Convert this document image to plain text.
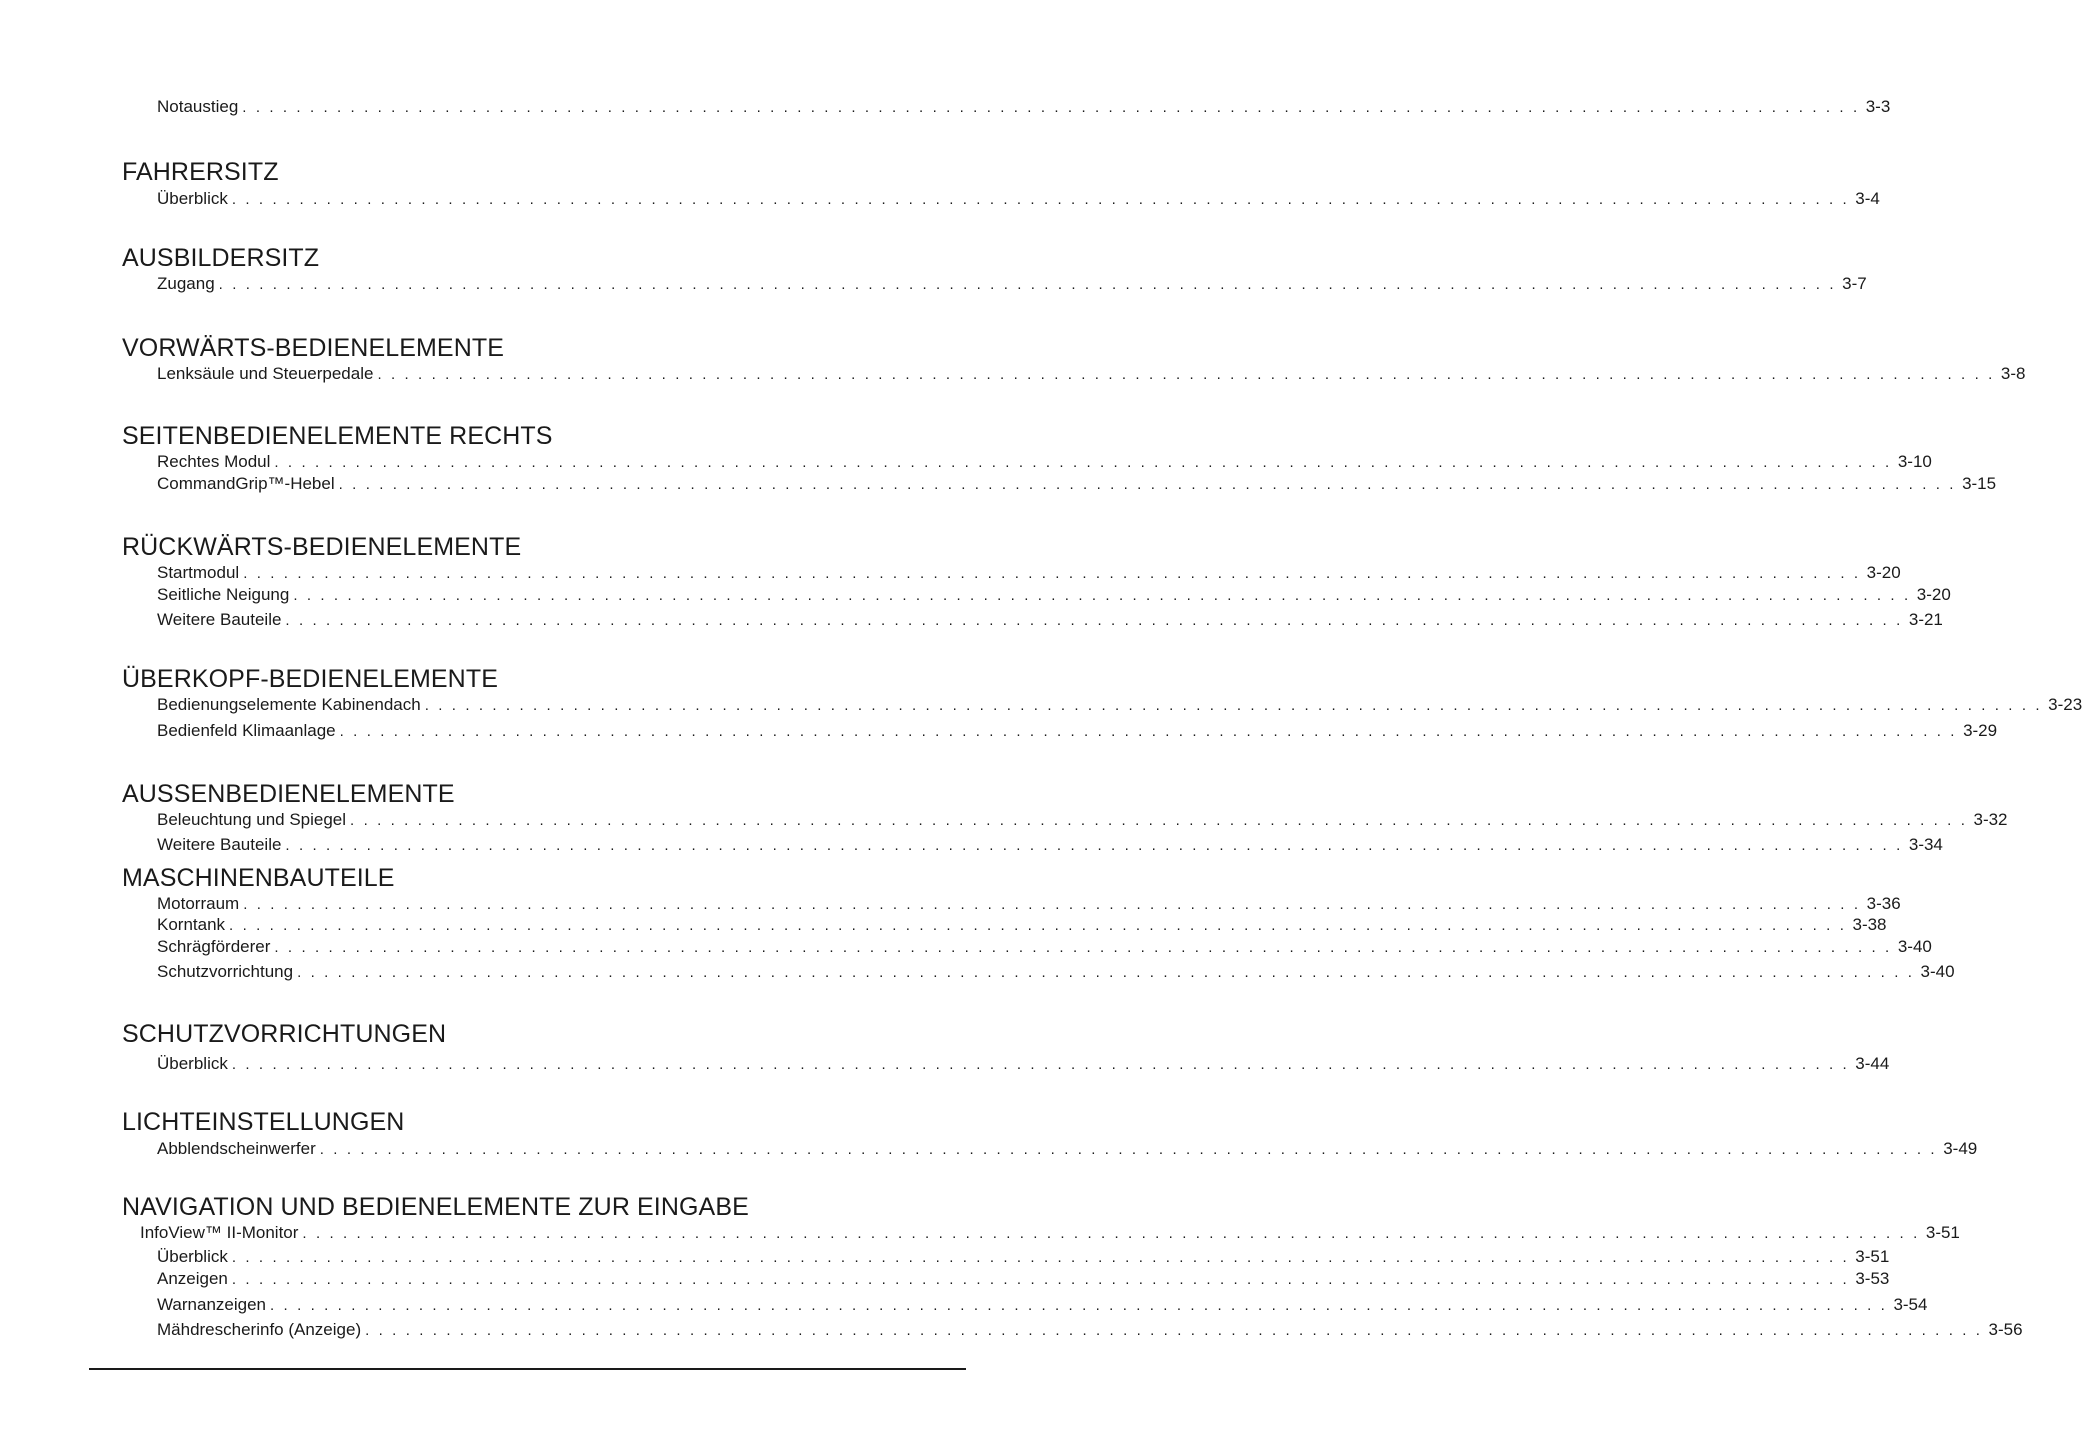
Notaustieg . . . . . . . . . . . . . . . . . . . . . . . . . . . . . . . . . . . . . . . . . . . . . . . . . . . . . . . . . . . . . . . . . . . . . . . . . . . . . . . . . . . . . . . . . . . . . . . . . . . . . . . . . . . . . . . . . . . . . . . . 3-3
FAHRERSITZ
Überblick . . . . . . . . . . . . . . . . . . . . . . . . . . . . . . . . . . . . . . . . . . . . . . . . . . . . . . . . . . . . . . . . . . . . . . . . . . . . . . . . . . . . . . . . . . . . . . . . . . . . . . . . . . . . . . . . . . . . . . . . 3-4
AUSBILDERSITZ
Zugang . . . . . . . . . . . . . . . . . . . . . . . . . . . . . . . . . . . . . . . . . . . . . . . . . . . . . . . . . . . . . . . . . . . . . . . . . . . . . . . . . . . . . . . . . . . . . . . . . . . . . . . . . . . . . . . . . . . . . . . . 3-7
VORWÄRTS-BEDIENELEMENTE
Lenksäule und Steuerpedale . . . . . . . . . . . . . . . . . . . . . . . . . . . . . . . . . . . . . . . . . . . . . . . . . . . . . . . . . . . . . . . . . . . . . . . . . . . . . . . . . . . . . . . . . . . . . . . . . . . . . . . . . . . . . . . . . . . . . . . . 3-8
SEITENBEDIENELEMENTE RECHTS
Rechtes Modul . . . . . . . . . . . . . . . . . . . . . . . . . . . . . . . . . . . . . . . . . . . . . . . . . . . . . . . . . . . . . . . . . . . . . . . . . . . . . . . . . . . . . . . . . . . . . . . . . . . . . . . . . . . . . . . . . . . . . . . . 3-10
CommandGrip™-Hebel . . . . . . . . . . . . . . . . . . . . . . . . . . . . . . . . . . . . . . . . . . . . . . . . . . . . . . . . . . . . . . . . . . . . . . . . . . . . . . . . . . . . . . . . . . . . . . . . . . . . . . . . . . . . . . . . . . . . . . . . 3-15
RÜCKWÄRTS-BEDIENELEMENTE
Startmodul . . . . . . . . . . . . . . . . . . . . . . . . . . . . . . . . . . . . . . . . . . . . . . . . . . . . . . . . . . . . . . . . . . . . . . . . . . . . . . . . . . . . . . . . . . . . . . . . . . . . . . . . . . . . . . . . . . . . . . . . 3-20
Seitliche Neigung . . . . . . . . . . . . . . . . . . . . . . . . . . . . . . . . . . . . . . . . . . . . . . . . . . . . . . . . . . . . . . . . . . . . . . . . . . . . . . . . . . . . . . . . . . . . . . . . . . . . . . . . . . . . . . . . . . . . . . . . 3-20
Weitere Bauteile . . . . . . . . . . . . . . . . . . . . . . . . . . . . . . . . . . . . . . . . . . . . . . . . . . . . . . . . . . . . . . . . . . . . . . . . . . . . . . . . . . . . . . . . . . . . . . . . . . . . . . . . . . . . . . . . . . . . . . . . 3-21
ÜBERKOPF-BEDIENELEMENTE
Bedienungselemente Kabinendach . . . . . . . . . . . . . . . . . . . . . . . . . . . . . . . . . . . . . . . . . . . . . . . . . . . . . . . . . . . . . . . . . . . . . . . . . . . . . . . . . . . . . . . . . . . . . . . . . . . . . . . . . . . . . . . . . . . . . . . . 3-23
Bedienfeld Klimaanlage . . . . . . . . . . . . . . . . . . . . . . . . . . . . . . . . . . . . . . . . . . . . . . . . . . . . . . . . . . . . . . . . . . . . . . . . . . . . . . . . . . . . . . . . . . . . . . . . . . . . . . . . . . . . . . . . . . . . . . . . 3-29
AUSSENBEDIENELEMENTE
Beleuchtung und Spiegel . . . . . . . . . . . . . . . . . . . . . . . . . . . . . . . . . . . . . . . . . . . . . . . . . . . . . . . . . . . . . . . . . . . . . . . . . . . . . . . . . . . . . . . . . . . . . . . . . . . . . . . . . . . . . . . . . . . . . . . . 3-32
Weitere Bauteile . . . . . . . . . . . . . . . . . . . . . . . . . . . . . . . . . . . . . . . . . . . . . . . . . . . . . . . . . . . . . . . . . . . . . . . . . . . . . . . . . . . . . . . . . . . . . . . . . . . . . . . . . . . . . . . . . . . . . . . . 3-34
MASCHINENBAUTEILE
Motorraum . . . . . . . . . . . . . . . . . . . . . . . . . . . . . . . . . . . . . . . . . . . . . . . . . . . . . . . . . . . . . . . . . . . . . . . . . . . . . . . . . . . . . . . . . . . . . . . . . . . . . . . . . . . . . . . . . . . . . . . . 3-36
Korntank . . . . . . . . . . . . . . . . . . . . . . . . . . . . . . . . . . . . . . . . . . . . . . . . . . . . . . . . . . . . . . . . . . . . . . . . . . . . . . . . . . . . . . . . . . . . . . . . . . . . . . . . . . . . . . . . . . . . . . . . 3-38
Schrägförderer . . . . . . . . . . . . . . . . . . . . . . . . . . . . . . . . . . . . . . . . . . . . . . . . . . . . . . . . . . . . . . . . . . . . . . . . . . . . . . . . . . . . . . . . . . . . . . . . . . . . . . . . . . . . . . . . . . . . . . . . 3-40
Schutzvorrichtung . . . . . . . . . . . . . . . . . . . . . . . . . . . . . . . . . . . . . . . . . . . . . . . . . . . . . . . . . . . . . . . . . . . . . . . . . . . . . . . . . . . . . . . . . . . . . . . . . . . . . . . . . . . . . . . . . . . . . . . . 3-40
SCHUTZVORRICHTUNGEN
Überblick . . . . . . . . . . . . . . . . . . . . . . . . . . . . . . . . . . . . . . . . . . . . . . . . . . . . . . . . . . . . . . . . . . . . . . . . . . . . . . . . . . . . . . . . . . . . . . . . . . . . . . . . . . . . . . . . . . . . . . . . 3-44
LICHTEINSTELLUNGEN
Abblendscheinwerfer . . . . . . . . . . . . . . . . . . . . . . . . . . . . . . . . . . . . . . . . . . . . . . . . . . . . . . . . . . . . . . . . . . . . . . . . . . . . . . . . . . . . . . . . . . . . . . . . . . . . . . . . . . . . . . . . . . . . . . . . 3-49
NAVIGATION UND BEDIENELEMENTE ZUR EINGABE
InfoView™ II-Monitor . . . . . . . . . . . . . . . . . . . . . . . . . . . . . . . . . . . . . . . . . . . . . . . . . . . . . . . . . . . . . . . . . . . . . . . . . . . . . . . . . . . . . . . . . . . . . . . . . . . . . . . . . . . . . . . . . . . . . . . . 3-51
Überblick . . . . . . . . . . . . . . . . . . . . . . . . . . . . . . . . . . . . . . . . . . . . . . . . . . . . . . . . . . . . . . . . . . . . . . . . . . . . . . . . . . . . . . . . . . . . . . . . . . . . . . . . . . . . . . . . . . . . . . . . 3-51
Anzeigen . . . . . . . . . . . . . . . . . . . . . . . . . . . . . . . . . . . . . . . . . . . . . . . . . . . . . . . . . . . . . . . . . . . . . . . . . . . . . . . . . . . . . . . . . . . . . . . . . . . . . . . . . . . . . . . . . . . . . . . . 3-53
Warnanzeigen . . . . . . . . . . . . . . . . . . . . . . . . . . . . . . . . . . . . . . . . . . . . . . . . . . . . . . . . . . . . . . . . . . . . . . . . . . . . . . . . . . . . . . . . . . . . . . . . . . . . . . . . . . . . . . . . . . . . . . . . 3-54
Mähdrescherinfo (Anzeige) . . . . . . . . . . . . . . . . . . . . . . . . . . . . . . . . . . . . . . . . . . . . . . . . . . . . . . . . . . . . . . . . . . . . . . . . . . . . . . . . . . . . . . . . . . . . . . . . . . . . . . . . . . . . . . . . . . . . . . . . 3-56
